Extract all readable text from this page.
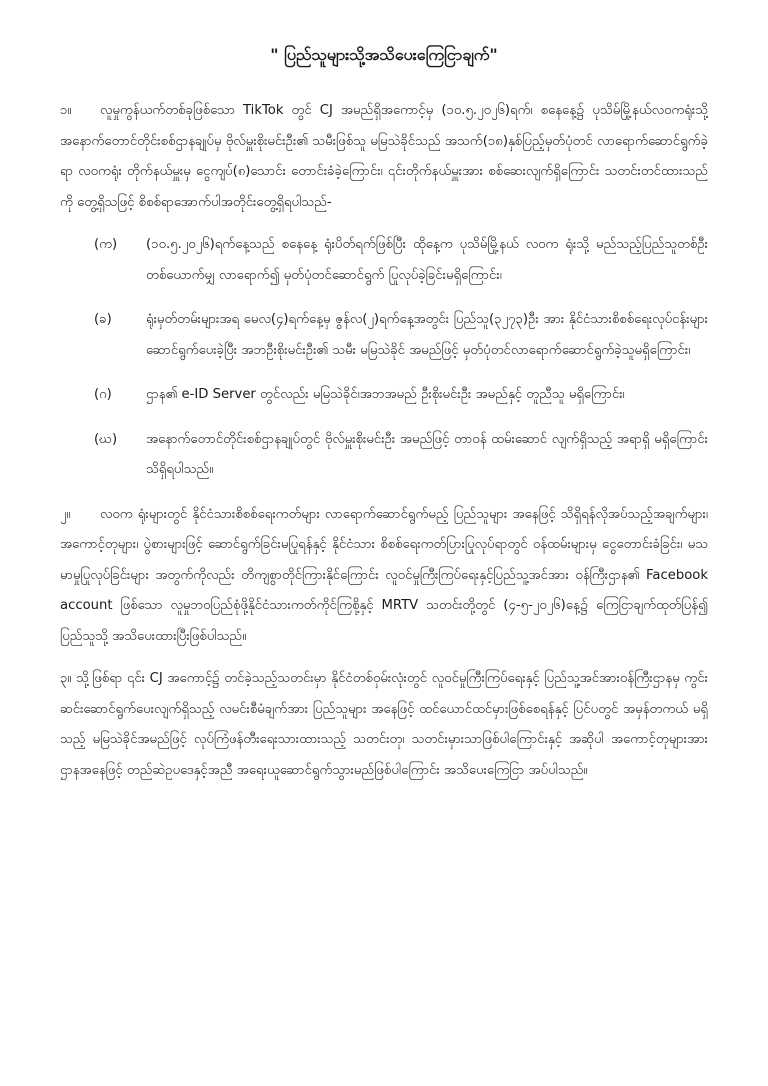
" ပြည်သူများသို့အသိပေးကြေငြာချက်"
၁။ လူမှုကွန်ယက်တစ်ခုဖြစ်သော TikTok တွင် CJ အမည်ရှိအကောင့်မှ (၁၀.၅.၂၀၂၆)ရက်၊ စနေနေ့၌ ပုသိမ်မြို့နယ်လ၀ကရုံးသို့ အနောက်တောင်တိုင်းစစ်ဌာနချုပ်မှ ဗိုလ်မှူးစိုးမင်းဦး၏ သမီးဖြစ်သူ မမြသဲခိုင်သည် အသက်(၁၈)နှစ်ပြည့်မှတ်ပုံတင် လာရောက်ဆောင်ရွက်ခဲ့ရာ လ၀ကရုံး တိုက်နယ်မှူးမှ ငွေကျပ်(၈)သောင်း တောင်းခံခဲ့ကြောင်း၊ ၎င်းတိုက်နယ်မှူးအား စစ်ဆေးလျက်ရှိကြောင်း သတင်းတင်ထားသည်ကို တွေ့ရှိသဖြင့် စိစစ်ရာအောက်ပါအတိုင်းတွေ့ရှိရပါသည်-
(က)	(၁၀.၅.၂၀၂၆)ရက်နေ့သည် စနေနေ့ ရုံးပိတ်ရက်ဖြစ်ပြီး ထိုနေ့က ပုသိမ်မြို့နယ် လ၀က ရုံးသို့ မည်သည့်ပြည်သူတစ်ဦးတစ်ယောက်မျှ လာရောက်၍ မှတ်ပုံတင်ဆောင်ရွက် ပြုလုပ်ခဲ့ခြင်းမရှိကြောင်း၊
(ခ)	ရုံးမှတ်တမ်းများအရ မေလ(၄)ရက်နေ့မှ ဇွန်လ(၂)ရက်နေ့အတွင်း ပြည်သူ(၃၂၇၃)ဦး အား နိုင်ငံသားစိစစ်ရေးလုပ်ငန်းများဆောင်ရွက်ပေးခဲ့ပြီး အဘဦးစိုးမင်းဦး၏ သမီး မမြသဲခိုင် အမည်ဖြင့် မှတ်ပုံတင်လာရောက်ဆောင်ရွက်ခဲ့သူမရှိကြောင်း၊
(ဂ)	ဌာန၏ e-ID Server တွင်လည်း မမြသဲခိုင်၊အဘအမည် ဦးစိုးမင်းဦး အမည်နှင့် တူညီသူ မရှိကြောင်း၊
(ဃ)	အနောက်တောင်တိုင်းစစ်ဌာနချုပ်တွင် ဗိုလ်မှူးစိုးမင်းဦး အမည်ဖြင့် တာ၀န် ထမ်းဆောင် လျက်ရှိသည့် အရာရှိ မရှိကြောင်း သိရှိရပါသည်။
၂။ လ၀က ရုံးများတွင် နိုင်ငံသားစိစစ်ရေးကတ်များ လာရောက်ဆောင်ရွက်မည့် ပြည်သူများ အနေဖြင့် သိရှိရန်လိုအပ်သည့်အချက်များ၊ အကောင့်တုများ၊ ပွဲစားများဖြင့် ဆောင်ရွက်ခြင်းမပြုရန်နှင့် နိုင်ငံသား စိစစ်ရေးကတ်ပြားပြုလုပ်ရာတွင် ၀န်ထမ်းများမှ ငွေတောင်းခံခြင်း၊ မသမာမှုပြုလုပ်ခြင်းများ အတွက်ကိုလည်း တိကျစွာတိုင်ကြားနိုင်ကြောင်း လူ၀င်မှုကြီးကြပ်ရေးနှင့်ပြည်သူ့အင်အား ၀န်ကြီးဌာန၏ Facebook account ဖြစ်သော လူမှုဘ၀ပြည်စုံဖို့နိုင်ငံသားကတ်ကိုင်ကြစို့နှင့် MRTV သတင်းတို့တွင် (၄-၅-၂၀၂၆)နေ့၌ ကြေငြာချက်ထုတ်ပြန်၍ ပြည်သူသို့ အသိပေးထားပြီးဖြစ်ပါသည်။
၃။ သို့ဖြစ်ရာ ၎င်း CJ အကောင့်၌ တင်ခဲ့သည့်သတင်းမှာ နိုင်ငံတစ်ဝှမ်းလုံးတွင် လူ၀င်မှုကြီးကြပ်ရေးနှင့် ပြည်သူ့အင်အား၀န်ကြီးဌာနမှ ကွင်းဆင်းဆောင်ရွက်ပေးလျက်ရှိသည့် လမင်းစီမံချက်အား ပြည်သူများ အနေဖြင့် ထင်ယောင်ထင်မှားဖြစ်စေရန်နှင့် ပြင်ပတွင် အမှန်တကယ် မရှိသည့် မမြသဲခိုင်အမည်ဖြင့် လုပ်ကြံဖန်တီးရေးသားထားသည့် သတင်းတု၊ သတင်းမှားသာဖြစ်ပါကြောင်းနှင့် အဆိုပါ အကောင့်တုများအား ဌာနအနေဖြင့် တည်ဆဲဥပဒေနှင့်အညီ အရေးယူဆောင်ရွက်သွားမည်ဖြစ်ပါကြောင်း အသိပေးကြေငြာ အပ်ပါသည်။
